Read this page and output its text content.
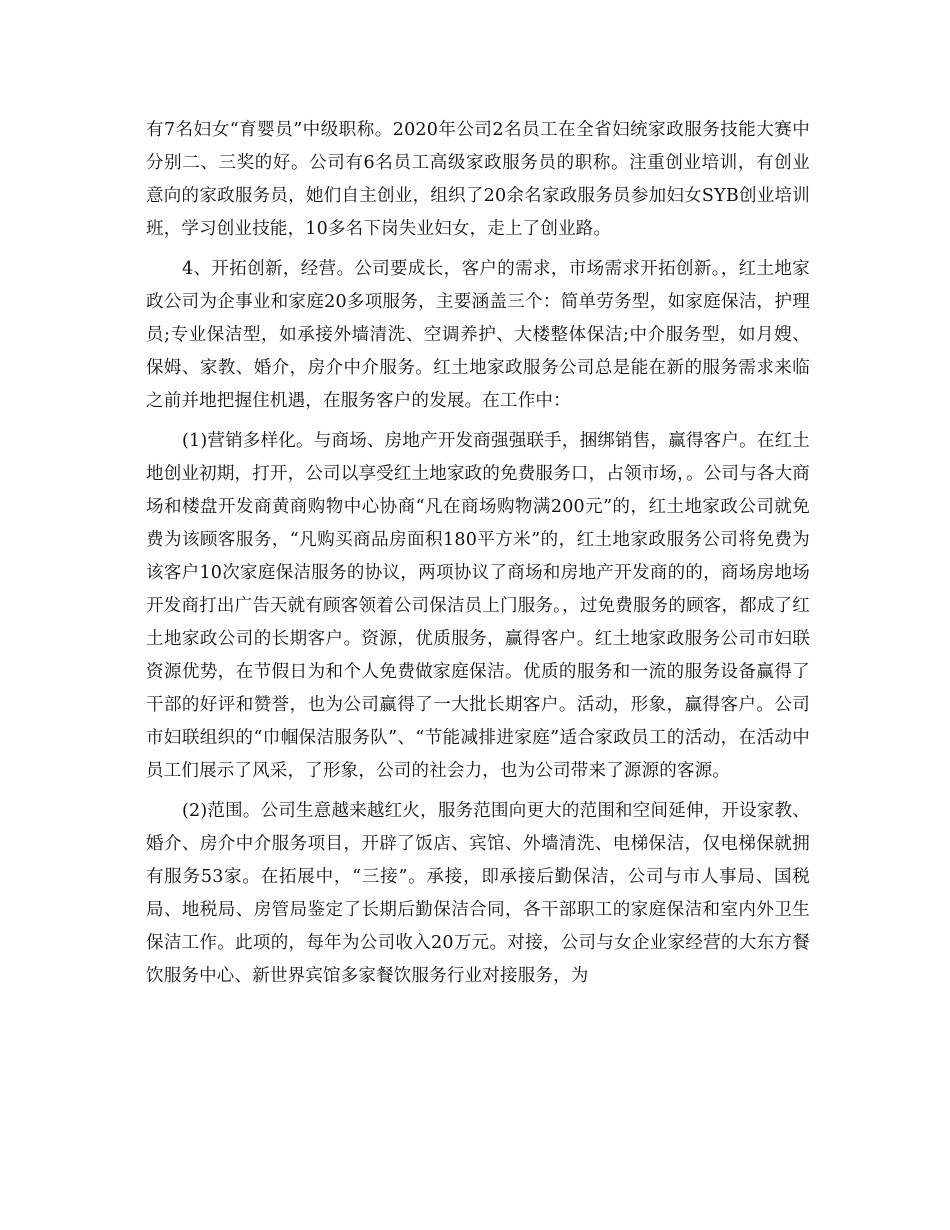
有7名妇女“育婴员”中级职称。2020年公司2名员工在全省妇统家政服务技能大赛中分别二、三奖的好。公司有6名员工高级家政服务员的职称。注重创业培训，有创业意向的家政服务员，她们自主创业，组织了20余名家政服务员参加妇女SYB创业培训班，学习创业技能，10多名下岗失业妇女，走上了创业路。

4、开拓创新，经营。公司要成长，客户的需求，市场需求开拓创新。，红土地家政公司为企事业和家庭20多项服务，主要涵盖三个：简单劳务型，如家庭保洁，护理员;专业保洁型，如承接外墙清洗、空调养护、大楼整体保洁;中介服务型，如月嫂、保姆、家教、婚介，房介中介服务。红土地家政服务公司总是能在新的服务需求来临之前并地把握住机遇，在服务客户的发展。在工作中：

(1)营销多样化。与商场、房地产开发商强强联手，捆绑销售，赢得客户。在红土地创业初期，打开，公司以享受红土地家政的免费服务口，占领市场，。公司与各大商场和楼盘开发商黄商购物中心协商“凡在商场购物满200元”的，红土地家政公司就免费为该顾客服务，“凡购买商品房面积180平方米”的，红土地家政服务公司将免费为该客户10次家庭保洁服务的协议，两项协议了商场和房地产开发商的的，商场房地场开发商打出广告天就有顾客领着公司保洁员上门服务。，过免费服务的顾客，都成了红土地家政公司的长期客户。资源，优质服务，赢得客户。红土地家政服务公司市妇联资源优势，在节假日为和个人免费做家庭保洁。优质的服务和一流的服务设备赢得了干部的好评和赞誉，也为公司赢得了一大批长期客户。活动，形象，赢得客户。公司市妇联组织的“巾帼保洁服务队”、“节能减排进家庭”适合家政员工的活动，在活动中员工们展示了风采，了形象，公司的社会力，也为公司带来了源源的客源。

(2)范围。公司生意越来越红火，服务范围向更大的范围和空间延伸，开设家教、婚介、房介中介服务项目，开辟了饭店、宾馆、外墙清洗、电梯保洁，仅电梯保就拥有服务53家。在拓展中，“三接”。承接，即承接后勤保洁，公司与市人事局、国税局、地税局、房管局鉴定了长期后勤保洁合同，各干部职工的家庭保洁和室内外卫生保洁工作。此项的，每年为公司收入20万元。对接，公司与女企业家经营的大东方餐饮服务中心、新世界宾馆多家餐饮服务行业对接服务，为
